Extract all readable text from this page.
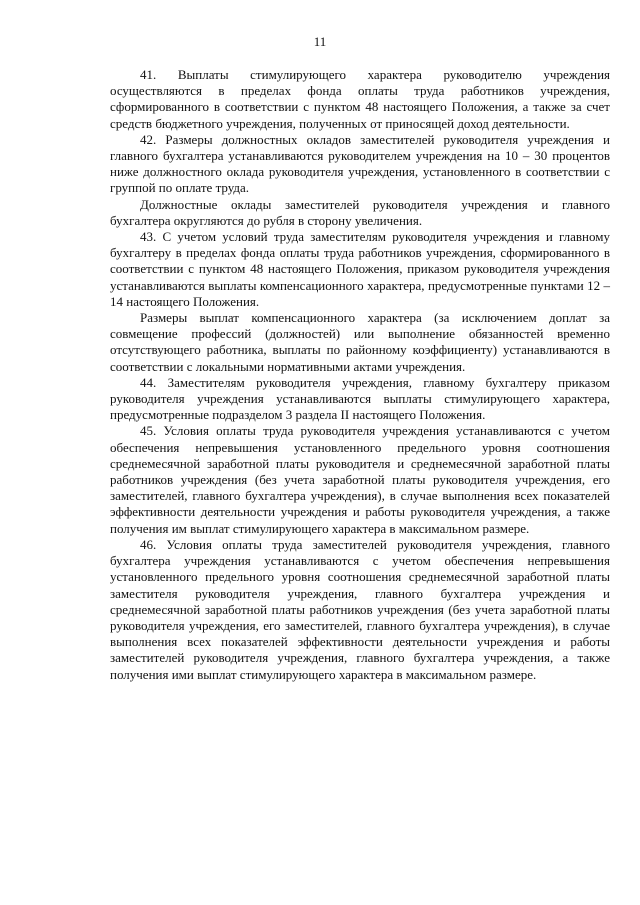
11

41. Выплаты стимулирующего характера руководителю учреждения осуществляются в пределах фонда оплаты труда работников учреждения, сформированного в соответствии с пунктом 48 настоящего Положения, а также за счет средств бюджетного учреждения, полученных от приносящей доход деятельности.

42. Размеры должностных окладов заместителей руководителя учреждения и главного бухгалтера устанавливаются руководителем учреждения на 10 – 30 процентов ниже должностного оклада руководителя учреждения, установленного в соответствии с группой по оплате труда.

Должностные оклады заместителей руководителя учреждения и главного бухгалтера округляются до рубля в сторону увеличения.

43. С учетом условий труда заместителям руководителя учреждения и главному бухгалтеру в пределах фонда оплаты труда работников учреждения, сформированного в соответствии с пунктом 48 настоящего Положения, приказом руководителя учреждения устанавливаются выплаты компенсационного характера, предусмотренные пунктами 12 – 14 настоящего Положения.

Размеры выплат компенсационного характера (за исключением доплат за совмещение профессий (должностей) или выполнение обязанностей временно отсутствующего работника, выплаты по районному коэффициенту) устанавливаются в соответствии с локальными нормативными актами учреждения.

44. Заместителям руководителя учреждения, главному бухгалтеру приказом руководителя учреждения устанавливаются выплаты стимулирующего характера, предусмотренные подразделом 3 раздела II настоящего Положения.

45. Условия оплаты труда руководителя учреждения устанавливаются с учетом обеспечения непревышения установленного предельного уровня соотношения среднемесячной заработной платы руководителя и среднемесячной заработной платы работников учреждения (без учета заработной платы руководителя учреждения, его заместителей, главного бухгалтера учреждения), в случае выполнения всех показателей эффективности деятельности учреждения и работы руководителя учреждения, а также получения им выплат стимулирующего характера в максимальном размере.

46. Условия оплаты труда заместителей руководителя учреждения, главного бухгалтера учреждения устанавливаются с учетом обеспечения непревышения установленного предельного уровня соотношения среднемесячной заработной платы заместителя руководителя учреждения, главного бухгалтера учреждения и среднемесячной заработной платы работников учреждения (без учета заработной платы руководителя учреждения, его заместителей, главного бухгалтера учреждения), в случае выполнения всех показателей эффективности деятельности учреждения и работы заместителей руководителя учреждения, главного бухгалтера учреждения, а также получения ими выплат стимулирующего характера в максимальном размере.
